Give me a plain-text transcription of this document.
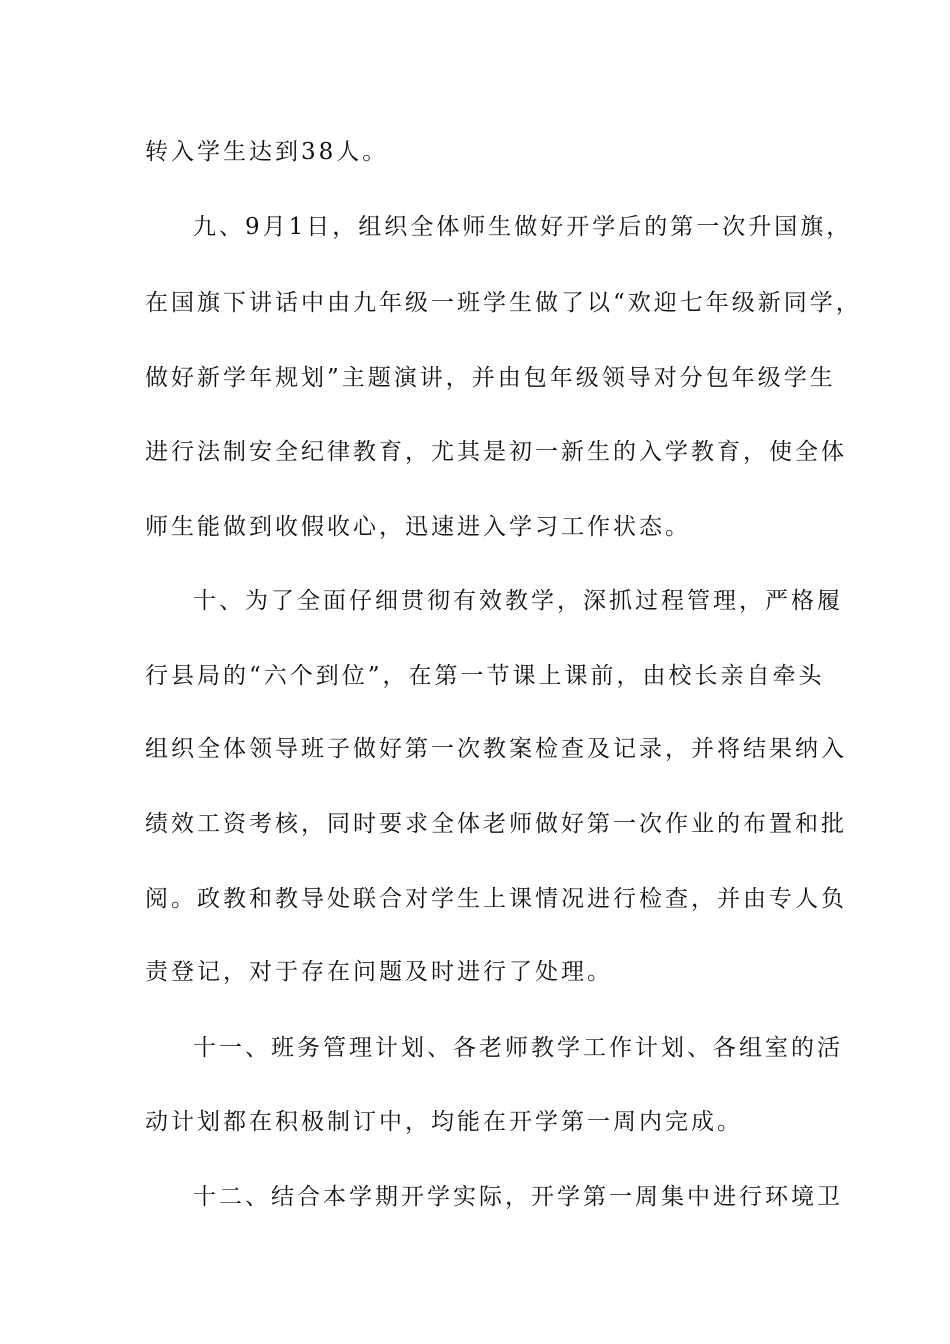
转入学生达到38人。
九、9月1日，组织全体师生做好开学后的第一次升国旗，
在国旗下讲话中由九年级一班学生做了以“欢迎七年级新同学，
做好新学年规划”主题演讲，并由包年级领导对分包年级学生
进行法制安全纪律教育，尤其是初一新生的入学教育，使全体
师生能做到收假收心，迅速进入学习工作状态。
十、为了全面仔细贯彻有效教学，深抓过程管理，严格履
行县局的“六个到位”，在第一节课上课前，由校长亲自牵头
组织全体领导班子做好第一次教案检查及记录，并将结果纳入
绩效工资考核，同时要求全体老师做好第一次作业的布置和批
阅。政教和教导处联合对学生上课情况进行检查，并由专人负
责登记，对于存在问题及时进行了处理。
十一、班务管理计划、各老师教学工作计划、各组室的活
动计划都在积极制订中，均能在开学第一周内完成。
十二、结合本学期开学实际，开学第一周集中进行环境卫
